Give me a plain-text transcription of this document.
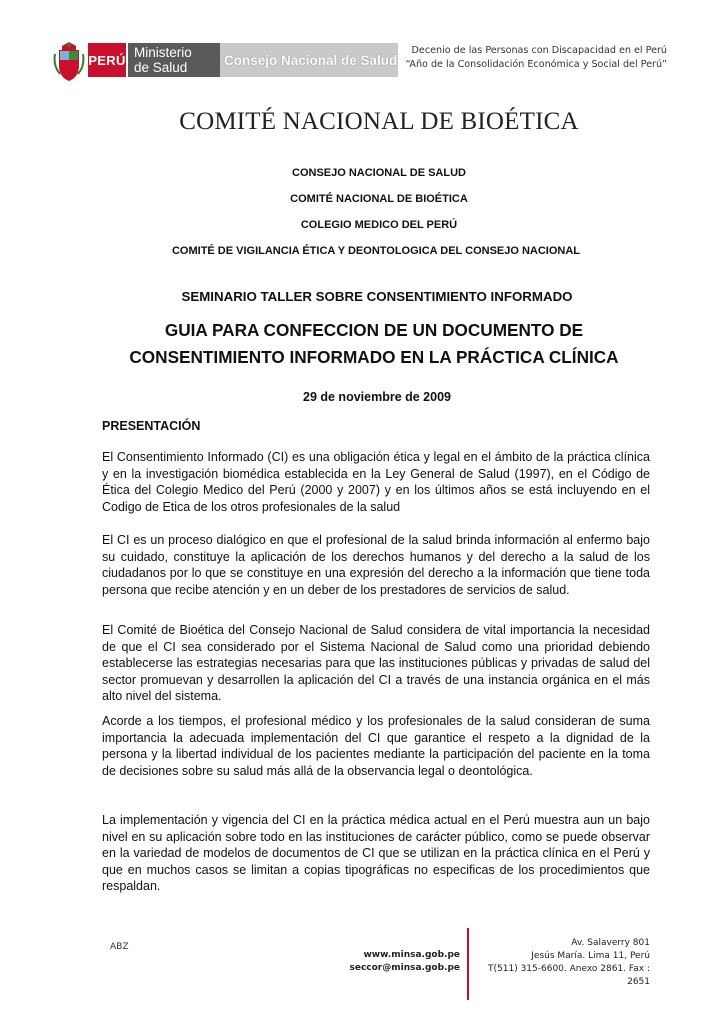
PERÚ Ministerio
de Salud	Consejo Nacional de Salud
Decenio de las Personas con Discapacidad en el Perú
“Año de la Consolidación Económica y Social del Perú”
COMITÉ NACIONAL DE BIOÉTICA
CONSEJO NACIONAL DE SALUD
COMITÉ NACIONAL DE BIOÉTICA
COLEGIO MEDICO DEL PERÚ
COMITÉ DE VIGILANCIA ÉTICA Y DEONTOLOGICA DEL CONSEJO NACIONAL
SEMINARIO TALLER SOBRE CONSENTIMIENTO INFORMADO
GUIA PARA CONFECCION DE UN DOCUMENTO DE
CONSENTIMIENTO INFORMADO EN LA PRÁCTICA CLÍNICA
29 de noviembre de 2009
PRESENTACIÓN

El Consentimiento Informado (CI) es una obligación ética y legal en el ámbito de la práctica clínica y en la investigación biomédica establecida en la Ley General de Salud (1997), en el Código de Ética del Colegio Medico del Perú (2000 y 2007) y en los últimos años se está incluyendo en el Codigo de Etica de los otros profesionales de la salud

El CI es un proceso dialógico en que el profesional de la salud brinda información al enfermo bajo su cuidado, constituye la aplicación de los derechos humanos y del derecho a la salud de los ciudadanos por lo que se constituye en una expresión del derecho a la información que tiene toda persona que recibe atención y en un deber de los prestadores de servicios de salud.

El Comité de Bioética del Consejo Nacional de Salud considera de vital importancia la necesidad de que el CI sea considerado por el Sistema Nacional de Salud como una prioridad debiendo establecerse las estrategias necesarias para que las instituciones públicas y privadas de salud del sector promuevan y desarrollen la aplicación del CI a través de una instancia orgánica en el más alto nivel del sistema.

Acorde a los tiempos, el profesional médico y los profesionales de la salud consideran de suma importancia la adecuada implementación del CI que garantice el respeto a la dignidad de la persona y la libertad individual de los pacientes mediante la participación del paciente en la toma de decisiones sobre su salud más allá de la observancia legal o deontológica.

La implementación y vigencia del CI en la práctica médica actual en el Perú muestra aun un bajo nivel en su aplicación sobre todo en las instituciones de carácter público, como se puede observar en la variedad de modelos de documentos de CI que se utilizan en la práctica clínica en el Perú y que en muchos casos se limitan a copias tipográficas no especificas de los procedimientos que respaldan.

ABZ
www.minsa.gob.pe
seccor@minsa.gob.pe
Av. Salaverry 801
Jesús María. Lima 11, Perú
T(511) 315-6600. Anexo 2861. Fax : 2651
